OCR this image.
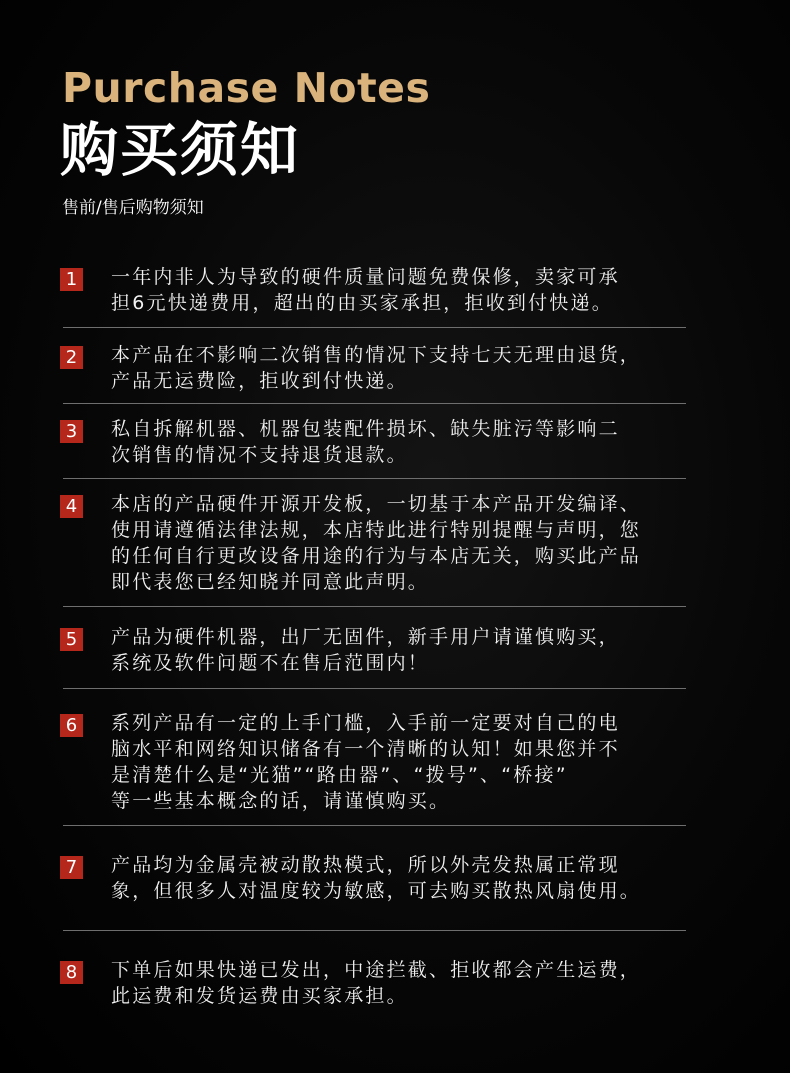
Purchase Notes
购买须知
售前/售后购物须知
1	一年内非人为导致的硬件质量问题免费保修，卖家可承
担6元快递费用，超出的由买家承担，拒收到付快递。
2	本产品在不影响二次销售的情况下支持七天无理由退货，
产品无运费险，拒收到付快递。
3	私自拆解机器、机器包装配件损坏、缺失脏污等影响二
次销售的情况不支持退货退款。
4	本店的产品硬件开源开发板，一切基于本产品开发编译、
使用请遵循法律法规，本店特此进行特别提醒与声明，您
的任何自行更改设备用途的行为与本店无关，购买此产品
即代表您已经知晓并同意此声明。
5	产品为硬件机器，出厂无固件，新手用户请谨慎购买，
系统及软件问题不在售后范围内！
6	系列产品有一定的上手门槛，入手前一定要对自己的电
脑水平和网络知识储备有一个清晰的认知！如果您并不
是清楚什么是“光猫”“路由器”、“拨号”、“桥接”
等一些基本概念的话，请谨慎购买。
7	产品均为金属壳被动散热模式，所以外壳发热属正常现
象，但很多人对温度较为敏感，可去购买散热风扇使用。
8	下单后如果快递已发出，中途拦截、拒收都会产生运费，
此运费和发货运费由买家承担。
